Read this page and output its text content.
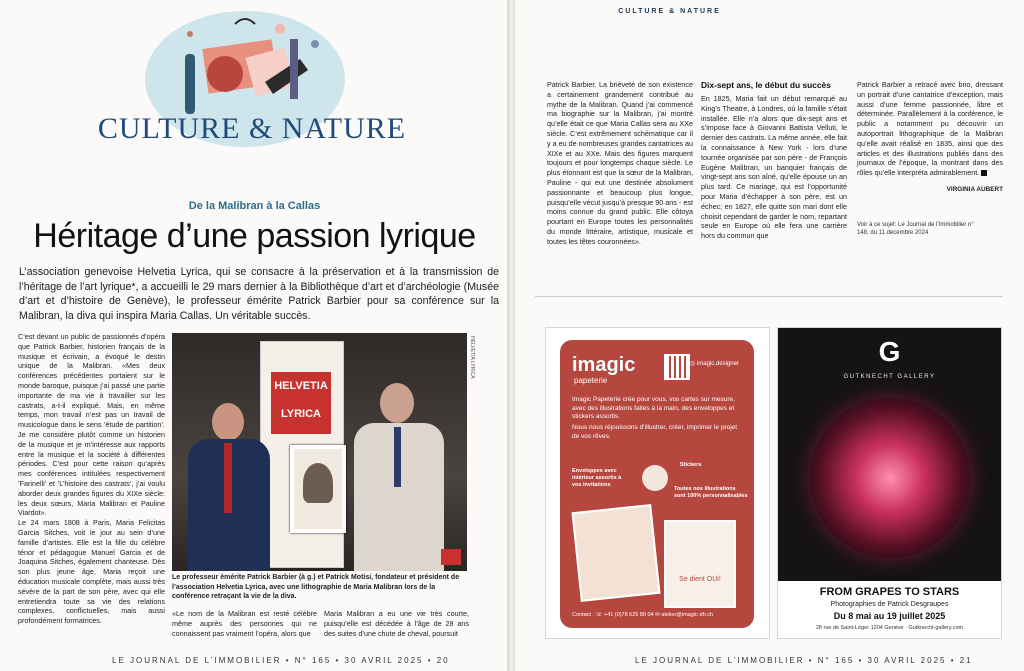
CULTURE & NATURE
De la Malibran à la Callas
Héritage d’une passion lyrique
L’association genevoise Helvetia Lyrica, qui se consacre à la préservation et à la transmission de l’héritage de l’art lyrique*, a accueilli le 29 mars dernier à la Bibliothèque d’art et d’archéologie (Musée d’art et d’histoire de Genève), le professeur émérite Patrick Barbier pour sa conférence sur la Malibran, la diva qui inspira Maria Callas. Un véritable succès.
C’est devant un public de passionnés d’opéra que Patrick Barbier, historien français de la musique et écrivain, a évoqué le destin unique de la Malibran. «Mes deux conférences précédentes portaient sur le monde baroque, puisque j’ai passé une partie importante de ma vie à travailler sur les castrats, a-t-il expliqué. Mais, en même temps, mon travail n’est pas un travail de musicologue dans le sens ’étude de partition’. Je me considère plutôt comme un historien de la musique et je m’intéresse aux rapports entre la musique et la société à différentes périodes. C’est pour cette raison qu’après mes conférences intitulées respectivement ’Farinelli’ et ’L’histoire des castrats’, j’ai voulu aborder deux grandes figures du XIXe siècle: les deux sœurs, Maria Malibran et Pauline Viardot».
Le 24 mars 1808 à Paris, Maria Felicitas Garcia Sitches, voit le jour au sein d’une famille d’artistes. Elle est la fille du célèbre ténor et pédagogue Manuel Garcia et de Joaquina Sitches, également chanteuse. Dès son plus jeune âge, Maria reçoit une éducation musicale complète, mais aussi très sévère de la part de son père, avec qui elle entretiendra toute sa vie des relations complexes, conflictuelles, mais aussi profondément formatrices.
HELVETIA
LYRICA
HELVETIA LYRICA
Le professeur émérite Patrick Barbier (à g.) et Patrick Motisi, fondateur et président de l’association Helvetia Lyrica, avec une lithographie de Maria Malibran lors de la conférence retraçant la vie de la diva.
«Le nom de la Malibran est resté célèbre même auprès des personnes qui ne connaissent pas vraiment l’opéra, alors que
Maria Malibran a eu une vie très courte, puisqu’elle est décédée à l’âge de 28 ans des suites d’une chute de cheval, poursuit
LE JOURNAL DE L’IMMOBILIER • N° 165 • 30 AVRIL 2025 • 20
CULTURE & NATURE
Patrick Barbier. La brièveté de son existence a certainement grandement contribué au mythe de la Malibran. Quand j’ai commencé ma biographie sur la Malibran, j’ai montré qu’elle était ce que Maria Callas sera au XXe siècle. C’est extrêmement schématique car il y a eu de nombreuses grandes cantatrices au XIXe et au XXe. Mais des figures marquent toujours et pour longtemps chaque siècle. Le plus étonnant est que la sœur de la Malibran, Pauline - qui eut une destinée absolument passionnante et beaucoup plus longue, puisqu’elle vécut jusqu’à presque 90 ans - est moins connue du grand public. Elle côtoya pourtant en Europe toutes les personnalités du monde littéraire, artistique, musicale et toutes les têtes couronnées».
Dix-sept ans, le début du succès
En 1825, Maria fait un début remarqué au King’s Theatre, à Londres, où la famille s’était installée. Elle n’a alors que dix-sept ans et s’impose face à Giovanni Battista Velluti, le dernier des castrats. La même année, elle fait la connaissance à New York - lors d’une tournée organisée par son père - de François Eugène Malibran, un banquier français de vingt-sept ans son aîné, qu’elle épouse un an plus tard. Ce mariage, qui est l’opportunité pour Maria d’échapper à son père, est un échec; en 1827, elle quitte son mari dont elle choisit cependant de garder le nom, repartant seule en Europe où elle fera une carrière hors du commun que
Patrick Barbier a retracé avec brio, dressant un portrait d’une cantatrice d’exception, mais aussi d’une femme passionnée, libre et déterminée. Parallèlement à la conférence, le public a notamment pu découvrir un autoportrait lithographique de la Malibran qu’elle avait réalisé en 1835, ainsi que des articles et des illustrations publiés dans des journaux de l’époque, la montrant dans des rôles qu’elle interpréta admirablement.
VIRGINIA AUBERT
Voir à ce sujet: Le Journal de l’Immobilier n° 148, du 11 décembre 2024
imagic
papeterie
◎ imagic.designer
Imagic Papeterie crée pour vous, vos cartes sur mesure, avec des illustrations faites à la main, des enveloppes et stickers assortis.
Nous nous réjouissons d’illustrer, créer, imprimer le projet de vos rêves.
Enveloppes avec intérieur assortis à vos invitations
Stickers
Toutes nos illustrations sont 100% personnalisables
Se dient OUi!
Contact : ☏ +41 (0)78 625 80 04 ✉ atelier@imagic-dh.ch
G
GUTKNECHT GALLERY
FROM GRAPES TO STARS
Photographies de Patrick Desgraupes
Du 8 mai au 19 juillet 2025
28 rue de Saint-Léger 1204 Genève · Gutknecht-gallery.com
LE JOURNAL DE L’IMMOBILIER • N° 165 • 30 AVRIL 2025 • 21
